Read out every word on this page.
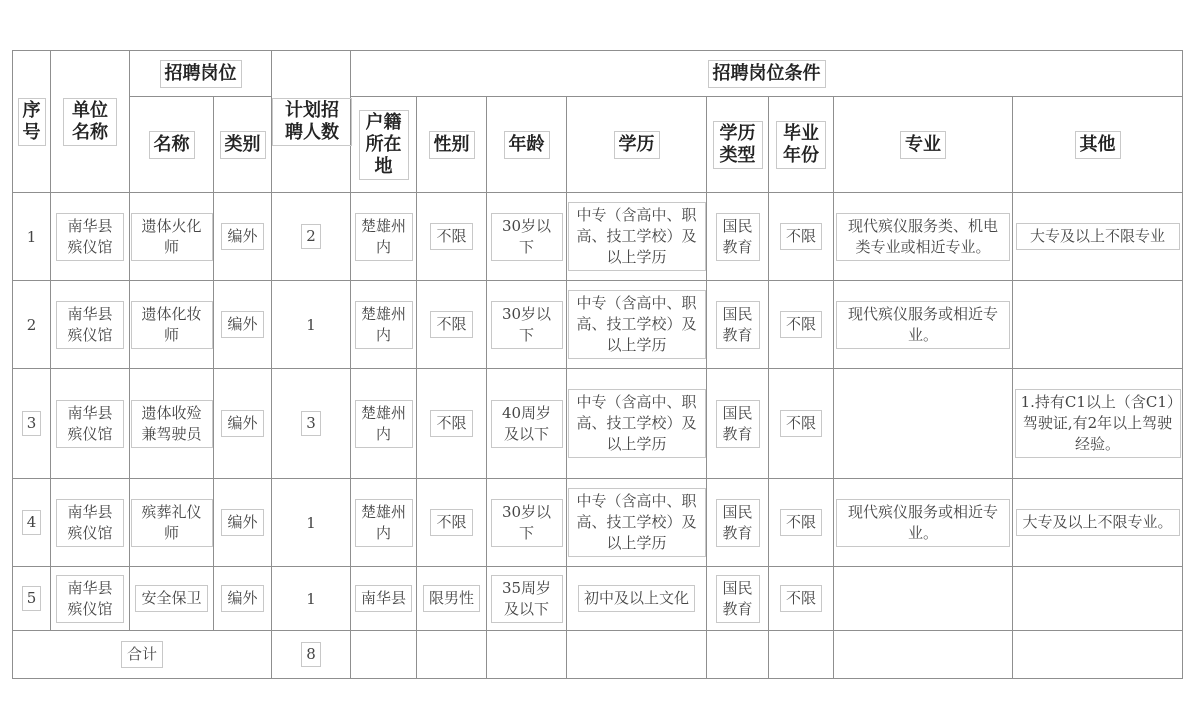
序号	单位名称	招聘岗位		计划招聘人数	招聘岗位条件							
		名称	类别		户籍所在地	性别	年龄	学历	学历类型	毕业年份	专业	其他
1	南华县殡仪馆	遗体火化师	编外	2	楚雄州内	不限	30岁以下	中专（含高中、职高、技工学校）及以上学历	国民教育	不限	现代殡仪服务类、机电类专业或相近专业。	大专及以上不限专业
2	南华县殡仪馆	遗体化妆师	编外	1	楚雄州内	不限	30岁以下	中专（含高中、职高、技工学校）及以上学历	国民教育	不限	现代殡仪服务或相近专业。	
3	南华县殡仪馆	遗体收殓兼驾驶员	编外	3	楚雄州内	不限	40周岁及以下	中专（含高中、职高、技工学校）及以上学历	国民教育	不限		1.持有C1以上（含C1）驾驶证,有2年以上驾驶经验。
4	南华县殡仪馆	殡葬礼仪师	编外	1	楚雄州内	不限	30岁以下	中专（含高中、职高、技工学校）及以上学历	国民教育	不限	现代殡仪服务或相近专业。	大专及以上不限专业。
5	南华县殡仪馆	安全保卫	编外	1	南华县	限男性	35周岁及以下	初中及以上文化	国民教育	不限		
合计				8								
